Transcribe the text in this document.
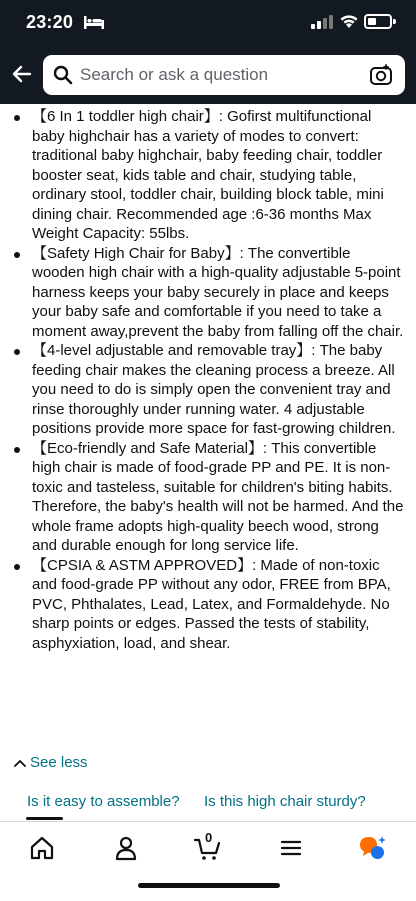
23:20
Search or ask a question
【6 In 1 toddler high chair】: Gofirst multifunctional baby highchair has a variety of modes to convert: traditional baby highchair, baby feeding chair, toddler booster seat, kids table and chair, studying table, ordinary stool, toddler chair, building block table, mini dining chair. Recommended age :6-36 months Max Weight Capacity: 55lbs.
【Safety High Chair for Baby】: The convertible wooden high chair with a high-quality adjustable 5-point harness keeps your baby securely in place and keeps your baby safe and comfortable if you need to take a moment away,prevent the baby from falling off the chair.
【4-level adjustable and removable tray】: The baby feeding chair makes the cleaning process a breeze. All you need to do is simply open the convenient tray and rinse thoroughly under running water. 4 adjustable positions provide more space for fast-growing children.
【Eco-friendly and Safe Material】: This convertible high chair is made of food-grade PP and PE. It is non-toxic and tasteless, suitable for children's biting habits. Therefore, the baby's health will not be harmed. And the whole frame adopts high-quality beech wood, strong and durable enough for long service life.
【CPSIA & ASTM APPROVED】: Made of non-toxic and food-grade PP without any odor, FREE from BPA, PVC, Phthalates, Lead, Latex, and Formaldehyde. No sharp points or edges. Passed the tests of stability, asphyxiation, load, and shear.
See less
Is it easy to assemble? Is this high chair sturdy?
0
